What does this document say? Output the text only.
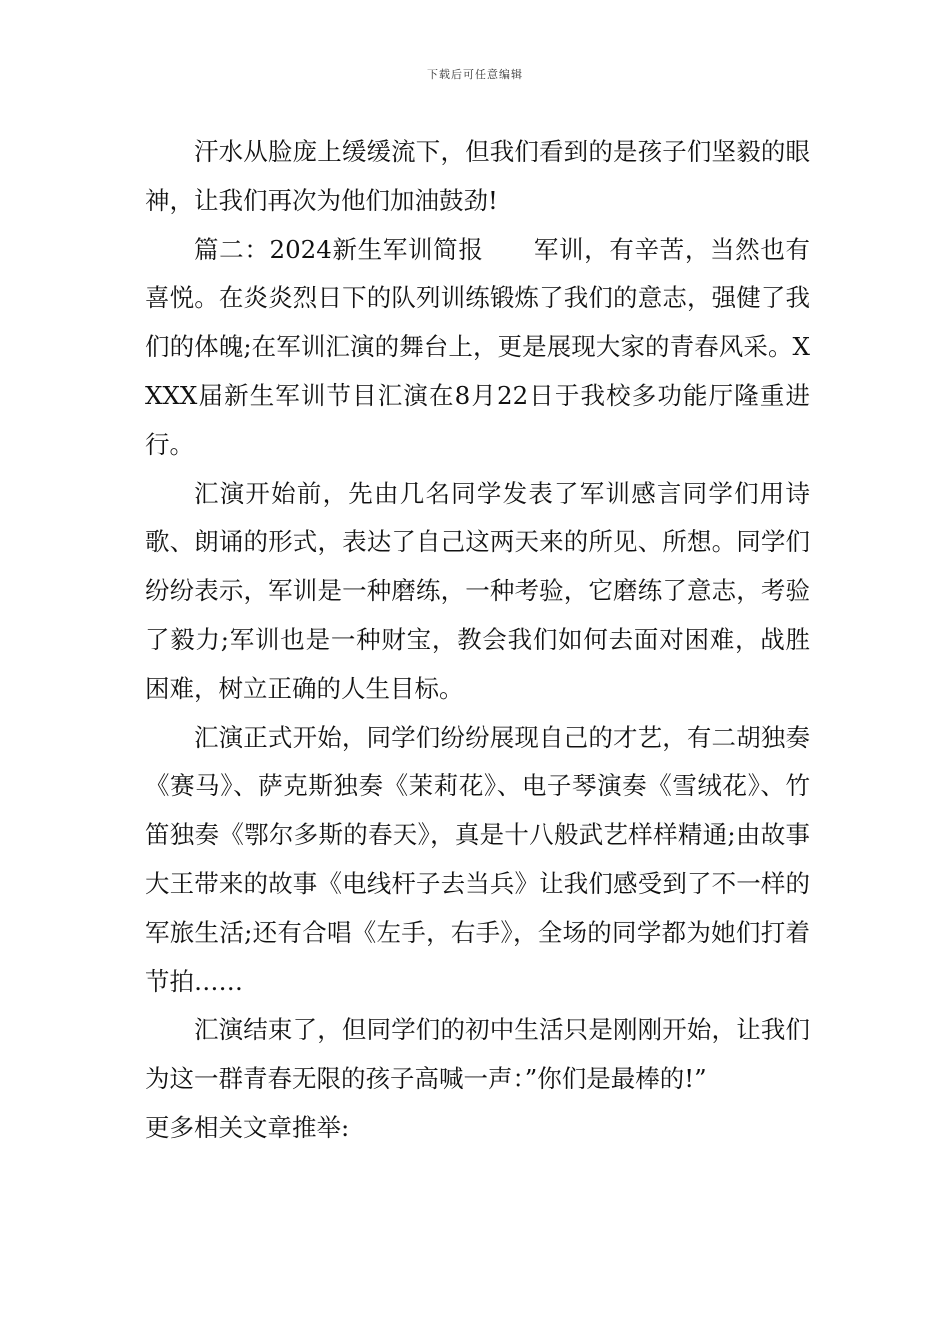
下载后可任意编辑

汗水从脸庞上缓缓流下，但我们看到的是孩子们坚毅的眼神，让我们再次为他们加油鼓劲!

篇二：2024新生军训简报　　军训，有辛苦，当然也有喜悦。在炎炎烈日下的队列训练锻炼了我们的意志，强健了我们的体魄;在军训汇演的舞台上，更是展现大家的青春风采。XXXX届新生军训节目汇演在8月22日于我校多功能厅隆重进行。

汇演开始前，先由几名同学发表了军训感言同学们用诗歌、朗诵的形式，表达了自己这两天来的所见、所想。同学们纷纷表示，军训是一种磨练，一种考验，它磨练了意志，考验了毅力;军训也是一种财宝，教会我们如何去面对困难，战胜困难，树立正确的人生目标。

汇演正式开始，同学们纷纷展现自己的才艺，有二胡独奏《赛马》、萨克斯独奏《茉莉花》、电子琴演奏《雪绒花》、竹笛独奏《鄂尔多斯的春天》，真是十八般武艺样样精通;由故事大王带来的故事《电线杆子去当兵》让我们感受到了不一样的军旅生活;还有合唱《左手，右手》，全场的同学都为她们打着节拍……

汇演结束了，但同学们的初中生活只是刚刚开始，让我们为这一群青春无限的孩子高喊一声：”你们是最棒的!”

更多相关文章推举:
